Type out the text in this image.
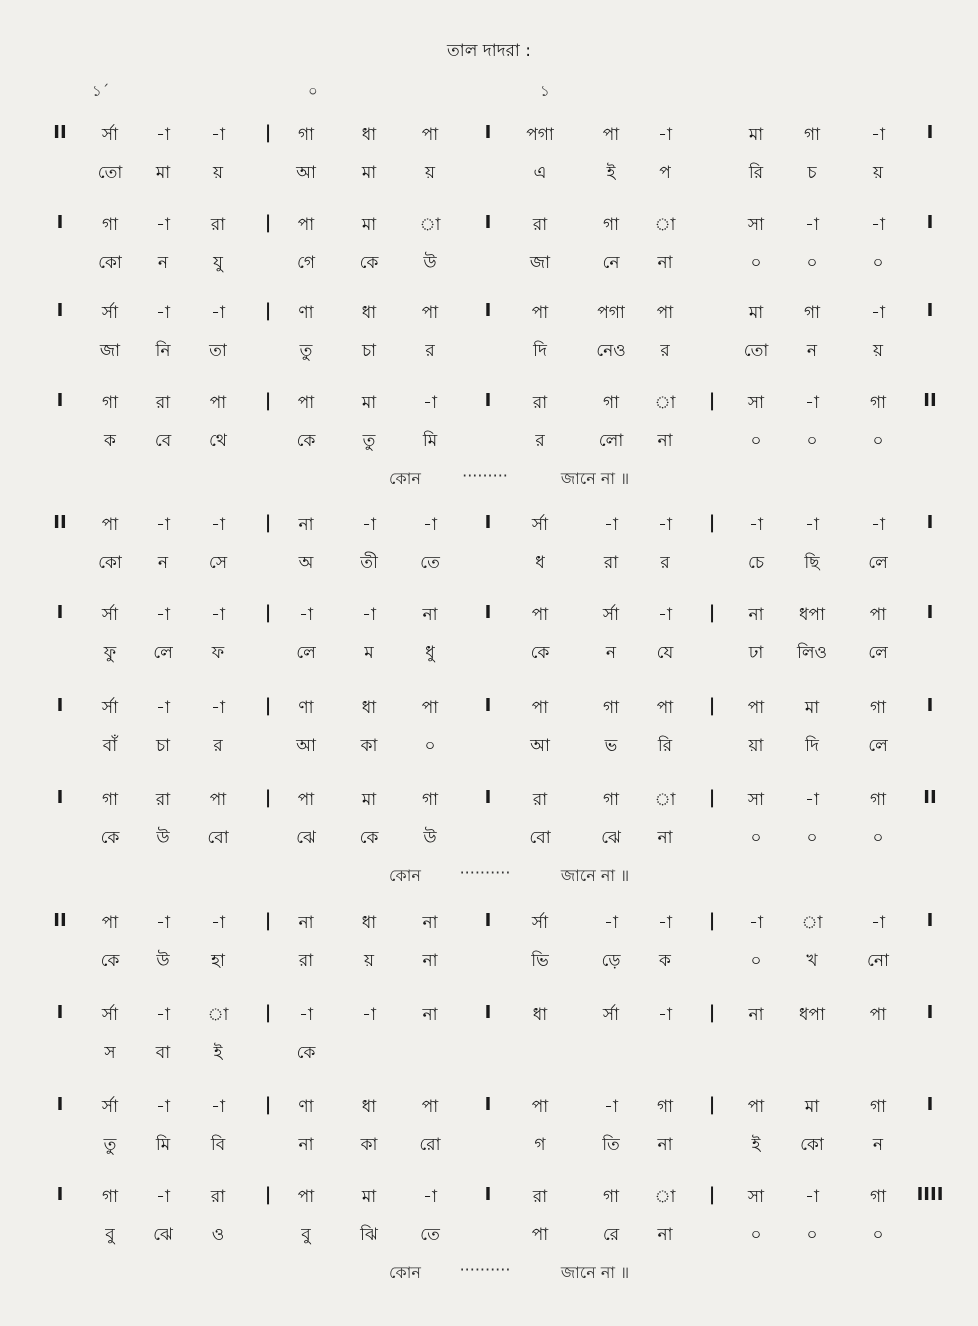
তাল দাদরা :
১´	০	১
II র্সা -া -া | গা	ধা	পা	I পগা	পা -া	মা গা	-া I
তো মা	য়	আ	মা	য়	এ	ই	প	রি	চ	য়
I গা -া রা | পা	মা	া I রা	গা া	সা -া	-া I
কো ন	যু	গে	কে	উ	জা	নে না	০	০	০
I র্সা -া -া | ণা	ধা	পা	I পা	পগা পা	মা গা	-া I
জা নি তা	তু	চা	র	দি	নেও র	তো ন	য়
I গা রা পা | পা	মা	-া	I রা	গা া | সা -া	গা II
ক বে থে	কে	তু	মি	র	লো না	০	০	০
কোন	·········	জানে না ॥
II পা -া -া | না	-া	-া	I র্সা	-া -া | -া -া	-া I
কো ন সে	অ	তী তে	ধ	রা র	চে ছি	লে
I র্সা -া -া | -া	-া	না	I পা	র্সা -া | না ধপা	পা I
ফু লে ফ	লে	ম	ধু	কে	ন যে	ঢা লিও লে
I র্সা -া -া | ণা	ধা	পা	I পা	গা পা | পা মা	গা I
বাঁ চা	র	আ	কা	০	আ	ভ রি	য়া দি	লে
I গা রা পা | পা	মা	গা	I রা	গা া | সা -া	গা II
কে উ বো	ঝে	কে	উ	বো	ঝে না	০	০	০
কোন ··········	জানে না ॥
II পা -া -া | না	ধা	না	I র্সা	-া -া | -া া	-া I
কে উ হা	রা	য়	না	ভি	ড়ে ক	০	খ	নো
I র্সা -া া | -া	-া	না	I ধা	র্সা -া | না ধপা	পা I
স বা	ই	কে
I র্সা -া -া | ণা	ধা	পা	I পা	-া গা | পা মা	গা I
তু মি বি	না	কা রো	গ	তি না	ই কো	ন
I গা -া রা | পা	মা	-া	I রা	গা া | সা -া	গা IIII
বু ঝে ও	বু	ঝি তে	পা	রে না	০	০	০
কোন ··········	জানে না ॥
